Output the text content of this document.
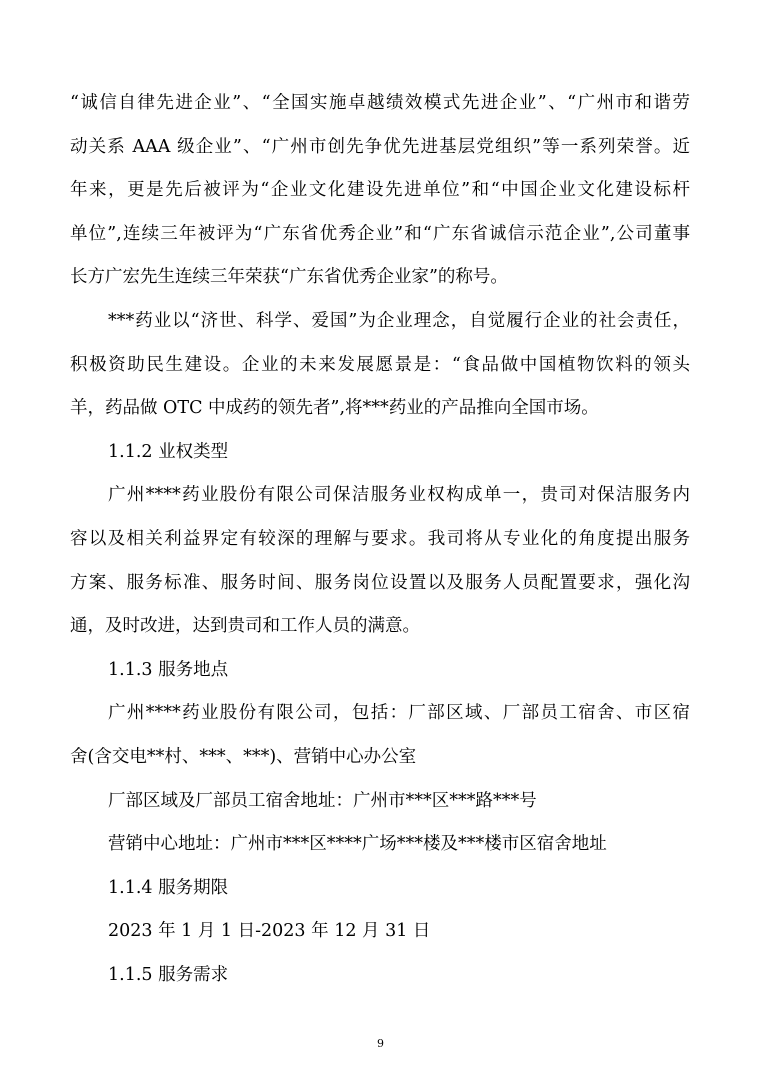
“诚信自律先进企业”、“全国实施卓越绩效模式先进企业”、“广州市和谐劳
动关系 AAA 级企业”、“广州市创先争优先进基层党组织”等一系列荣誉。近
年来，更是先后被评为“企业文化建设先进单位”和“中国企业文化建设标杆
单位”,连续三年被评为“广东省优秀企业”和“广东省诚信示范企业”,公司董事
长方广宏先生连续三年荣获“广东省优秀企业家”的称号。
***药业以“济世、科学、爱国”为企业理念，自觉履行企业的社会责任，
积极资助民生建设。企业的未来发展愿景是：“食品做中国植物饮料的领头
羊，药品做 OTC 中成药的领先者”,将***药业的产品推向全国市场。
1.1.2 业权类型
广州****药业股份有限公司保洁服务业权构成单一，贵司对保洁服务内
容以及相关利益界定有较深的理解与要求。我司将从专业化的角度提出服务
方案、服务标准、服务时间、服务岗位设置以及服务人员配置要求，强化沟
通，及时改进，达到贵司和工作人员的满意。
1.1.3 服务地点
广州****药业股份有限公司，包括：厂部区域、厂部员工宿舍、市区宿
舍(含交电**村、***、***)、营销中心办公室
厂部区域及厂部员工宿舍地址：广州市***区***路***号
营销中心地址：广州市***区****广场***楼及***楼市区宿舍地址
1.1.4 服务期限
2023 年 1 月 1 日-2023 年 12 月 31 日
1.1.5 服务需求
9
